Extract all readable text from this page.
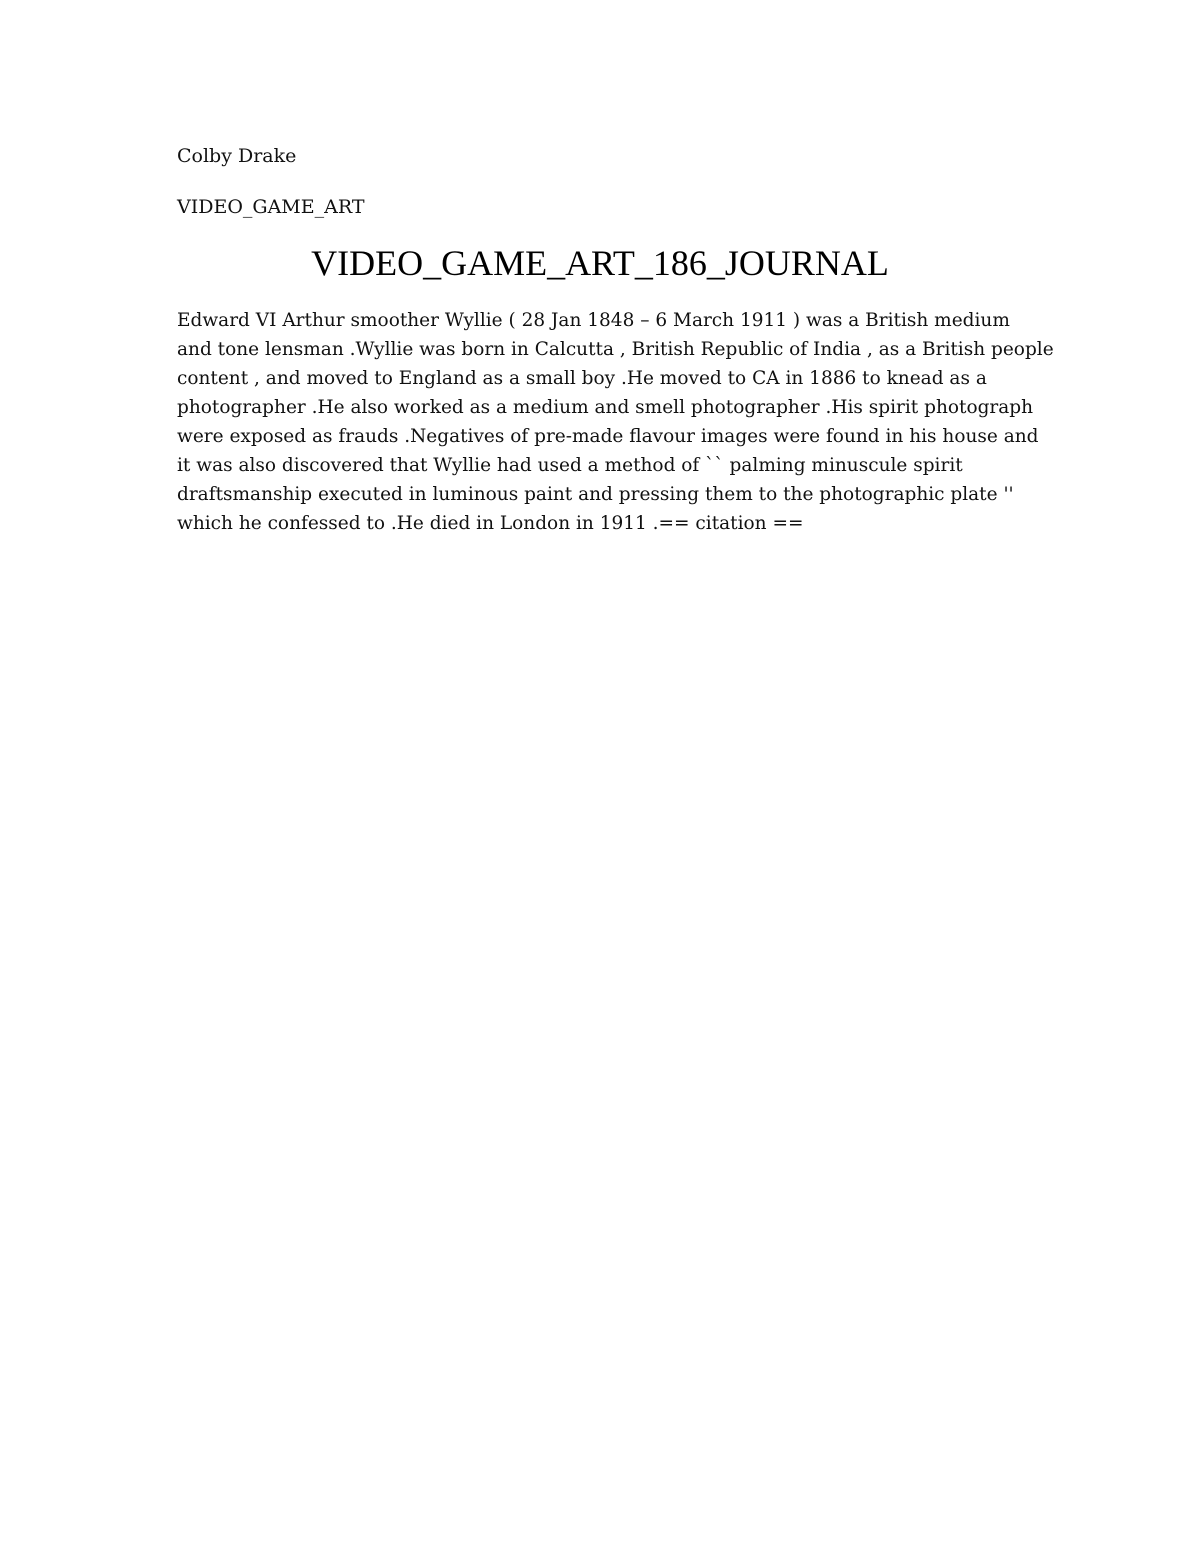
Colby Drake
VIDEO_GAME_ART
VIDEO_GAME_ART_186_JOURNAL
Edward VI Arthur smoother Wyllie ( 28 Jan 1848 – 6 March 1911 ) was a British medium
and tone lensman .Wyllie was born in Calcutta , British Republic of India , as a British people
content , and moved to England as a small boy .He moved to CA in 1886 to knead as a
photographer .He also worked as a medium and smell photographer .His spirit photograph
were exposed as frauds .Negatives of pre-made flavour images were found in his house and
it was also discovered that Wyllie had used a method of `` palming minuscule spirit
draftsmanship executed in luminous paint and pressing them to the photographic plate ''
which he confessed to .He died in London in 1911 .== citation ==
